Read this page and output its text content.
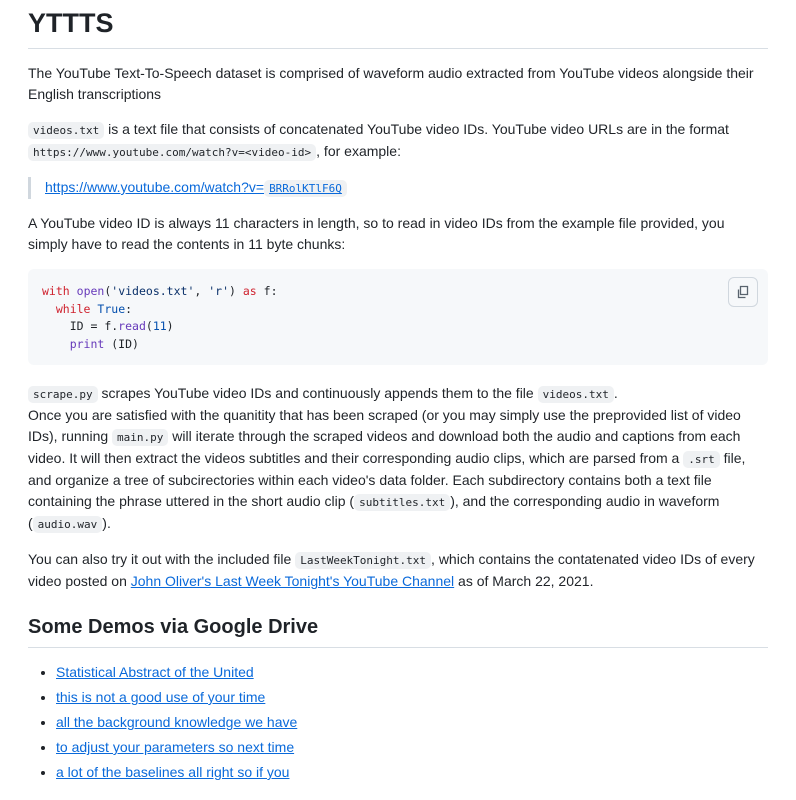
YTTTS

The YouTube Text-To-Speech dataset is comprised of waveform audio extracted from YouTube videos alongside their English transcriptions

videos.txt is a text file that consists of concatenated YouTube video IDs. YouTube video URLs are in the format https://www.youtube.com/watch?v=<video-id> , for example:

https://www.youtube.com/watch?v= BRRolKTlF6Q

A YouTube video ID is always 11 characters in length, so to read in video IDs from the example file provided, you simply have to read the contents in 11 byte chunks:

with open('videos.txt', 'r') as f:
while True:
ID = f.read(11)
print (ID)

scrape.py scrapes YouTube video IDs and continuously appends them to the file videos.txt .
Once you are satisfied with the quanitity that has been scraped (or you may simply use the preprovided list of video IDs), running main.py will iterate through the scraped videos and download both the audio and captions from each video. It will then extract the videos subtitles and their corresponding audio clips, which are parsed from a .srt file, and organize a tree of subcirectories within each video's data folder. Each subdirectory contains both a text file containing the phrase uttered in the short audio clip ( subtitles.txt ), and the corresponding audio in waveform ( audio.wav ).

You can also try it out with the included file LastWeekTonight.txt , which contains the contatenated video IDs of every video posted on John Oliver's Last Week Tonight's YouTube Channel as of March 22, 2021.

Some Demos via Google Drive
• Statistical Abstract of the United
• this is not a good use of your time
• all the background knowledge we have
• to adjust your parameters so next time
• a lot of the baselines all right so if you
